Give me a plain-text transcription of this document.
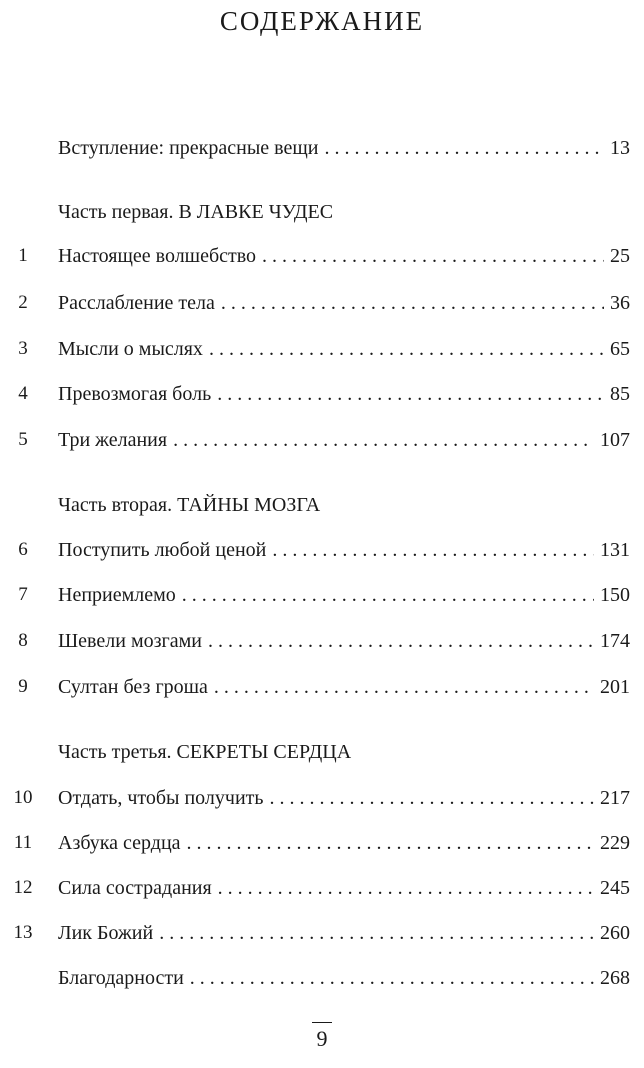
СОДЕРЖАНИЕ
Вступление: прекрасные вещи . . .	13
Часть первая. В ЛАВКЕ ЧУДЕС
1	Настоящее волшебство . . .	25
2	Расслабление тела . . .	36
3	Мысли о мыслях . . .	65
4	Превозмогая боль . . .	85
5	Три желания . . .	107
Часть вторая. ТАЙНЫ МОЗГА
6	Поступить любой ценой . . .	131
7	Неприемлемо . . .	150
8	Шевели мозгами . . .	174
9	Султан без гроша . . .	201
Часть третья. СЕКРЕТЫ СЕРДЦА
10	Отдать, чтобы получить . . .	217
11	Азбука сердца . . .	229
12	Сила сострадания . . .	245
13	Лик Божий . . .	260
Благодарности . . .	268
9
